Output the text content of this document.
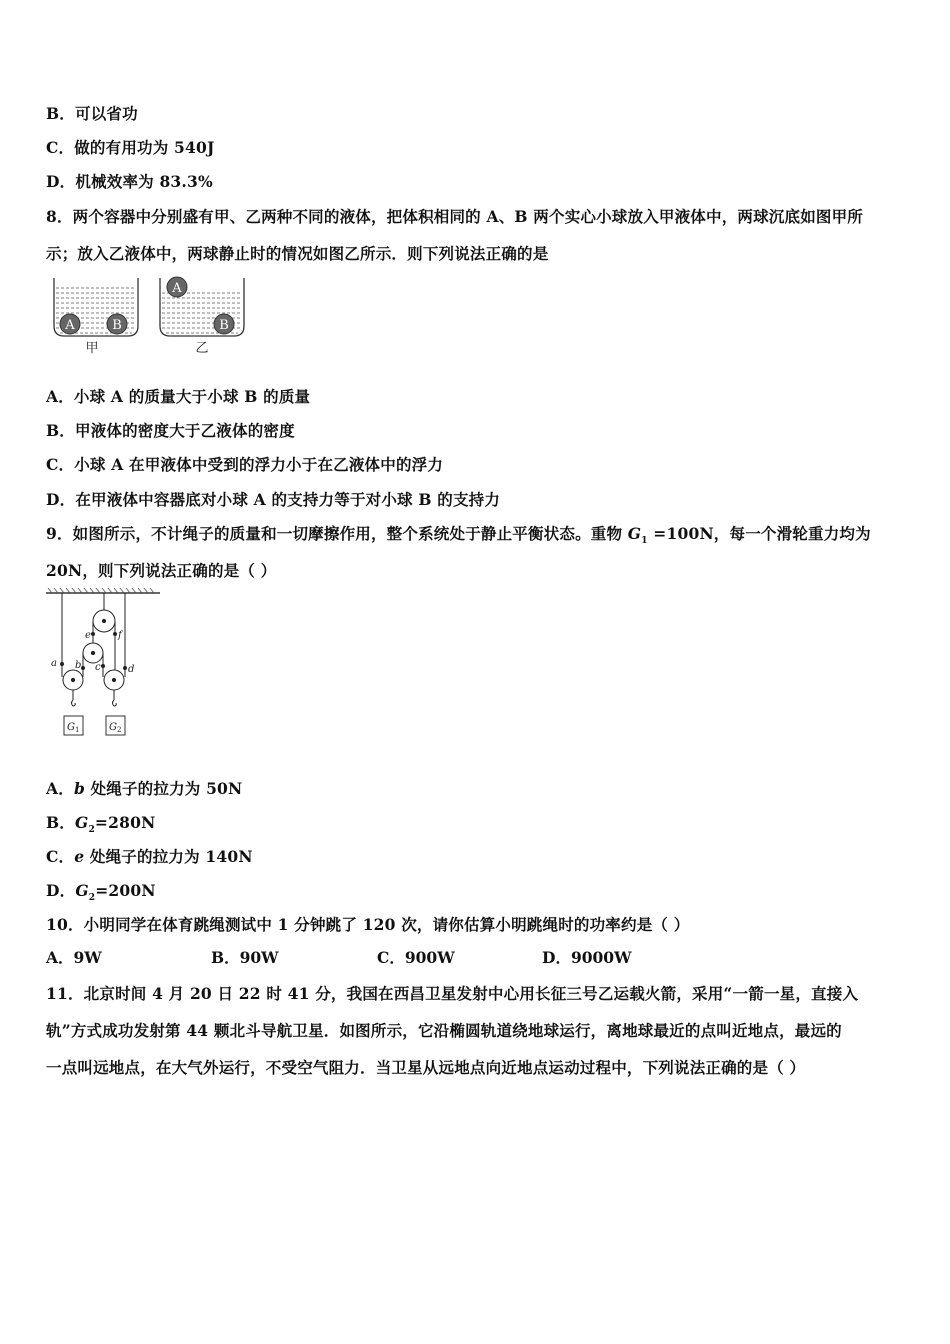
B．可以省功
C．做的有用功为 540J
D．机械效率为 83.3%
8．两个容器中分别盛有甲、乙两种不同的液体，把体积相同的 A、B 两个实心小球放入甲液体中，两球沉底如图甲所
示；放入乙液体中，两球静止时的情况如图乙所示．则下列说法正确的是
A	B
甲
A
B
乙
A．小球 A 的质量大于小球 B 的质量
B．甲液体的密度大于乙液体的密度
C．小球 A 在甲液体中受到的浮力小于在乙液体中的浮力
D．在甲液体中容器底对小球 A 的支持力等于对小球 B 的支持力
9．如图所示，不计绳子的质量和一切摩擦作用，整个系统处于静止平衡状态。重物 $G_1 =100N$，每一个滑轮重力均为
20N，则下列说法正确的是（ ）
a b c	d
e	f
G 1	G 2
A．b 处绳子的拉力为 50N
B．$G_2=280N$
C．e 处绳子的拉力为 140N
D．$G_2=200N$
10．小明同学在体育跳绳测试中 1 分钟跳了 120 次，请你估算小明跳绳时的功率约是（ ）
A．9W	B．90W	C．900W	D．9000W
11．北京时间 4 月 20 日 22 时 41 分，我国在西昌卫星发射中心用长征三号乙运载火箭，采用“一箭一星，直接入
轨”方式成功发射第 44 颗北斗导航卫星．如图所示，它沿椭圆轨道绕地球运行，离地球最近的点叫近地点，最远的
一点叫远地点，在大气外运行，不受空气阻力．当卫星从远地点向近地点运动过程中，下列说法正确的是（ ）
